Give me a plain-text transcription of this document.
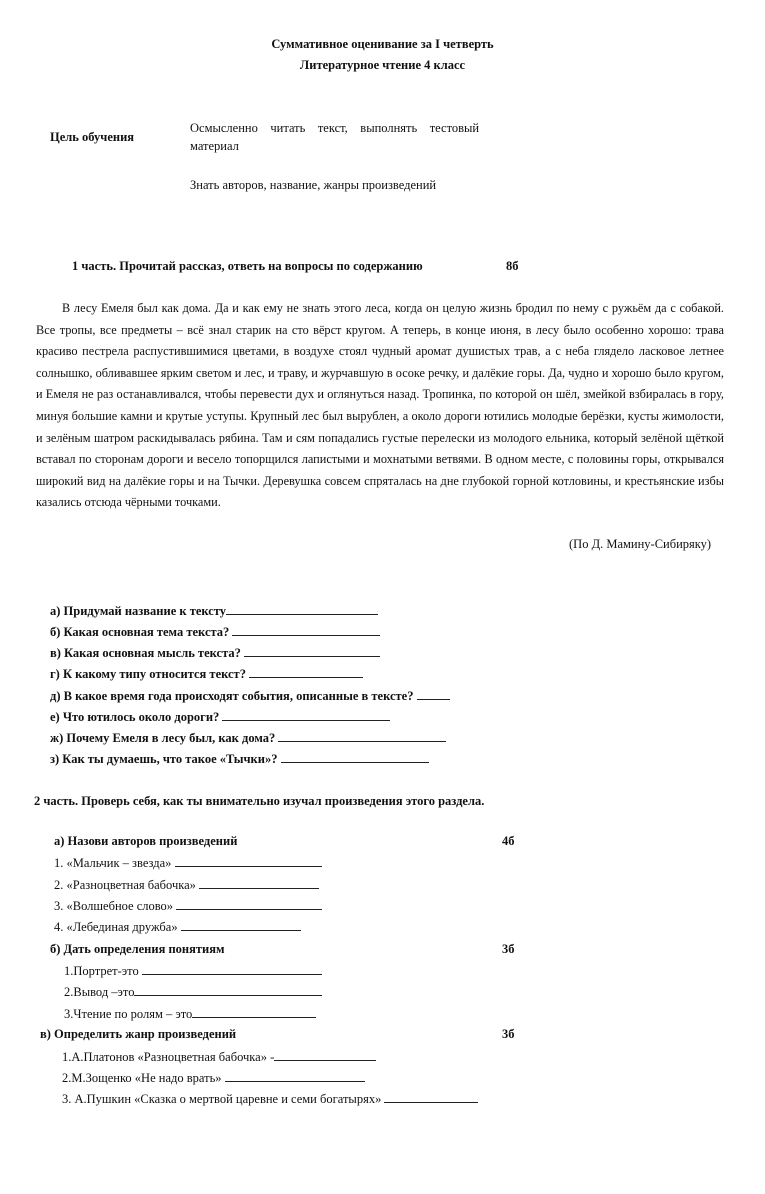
Суммативное оценивание за I четверть
Литературное чтение 4 класс
Цель обучения
Осмысленно    читать    текст,    выполнять    тестовый
материал
Знать авторов, название, жанры произведений
1 часть. Прочитай рассказ, ответь на вопросы по содержанию	8б
В лесу Емеля был как дома. Да и как ему не знать этого леса, когда он целую жизнь бродил по нему с ружьём да с собакой. Все тропы, все предметы – всё знал старик на сто вёрст кругом. А теперь, в конце июня, в лесу было особенно хорошо: трава красиво пестрела распустившимися цветами, в воздухе стоял чудный аромат душистых трав, а с неба глядело ласковое летнее солнышко, обливавшее ярким светом и лес, и траву, и журчавшую в осоке речку, и далёкие горы. Да, чудно и хорошо было кругом, и Емеля не раз останавливался, чтобы перевести дух и оглянуться назад. Тропинка, по которой он шёл, змейкой взбиралась в гору, минуя большие камни и крутые уступы. Крупный лес был вырублен, а около дороги ютились молодые берёзки, кусты жимолости, и зелёным шатром раскидывалась рябина. Там и сям попадались густые перелески из молодого ельника, который зелёной щёткой вставал по сторонам дороги и весело топорщился лапистыми и мохнатыми ветвями. В одном месте, с половины горы, открывался широкий вид на далёкие горы и на Тычки. Деревушка совсем спряталась на дне глубокой горной котловины, и крестьянские избы казались отсюда чёрными точками.
(По Д. Мамину-Сибиряку)
а) Придумай название к тексту
б) Какая основная тема текста?
в) Какая основная мысль текста?
г) К какому типу относится текст?
д) В какое время года происходят события, описанные в тексте?
е) Что ютилось около дороги?
ж) Почему Емеля в лесу был, как дома?
з) Как ты думаешь, что такое «Тычки»?
2 часть. Проверь себя, как ты внимательно изучал произведения этого раздела.
а) Назови авторов произведений	4б
1. «Мальчик – звезда»
2. «Разноцветная бабочка»
3. «Волшебное слово»
4. «Лебединая дружба»
б) Дать определения понятиям	3б
1.Портрет-это
2.Вывод –это
3.Чтение по ролям – это
в) Определить жанр произведений	3б
1.А.Платонов «Разноцветная бабочка» -
2.М.Зощенко «Не надо врать»
3. А.Пушкин «Сказка о мертвой царевне и семи богатырях»
